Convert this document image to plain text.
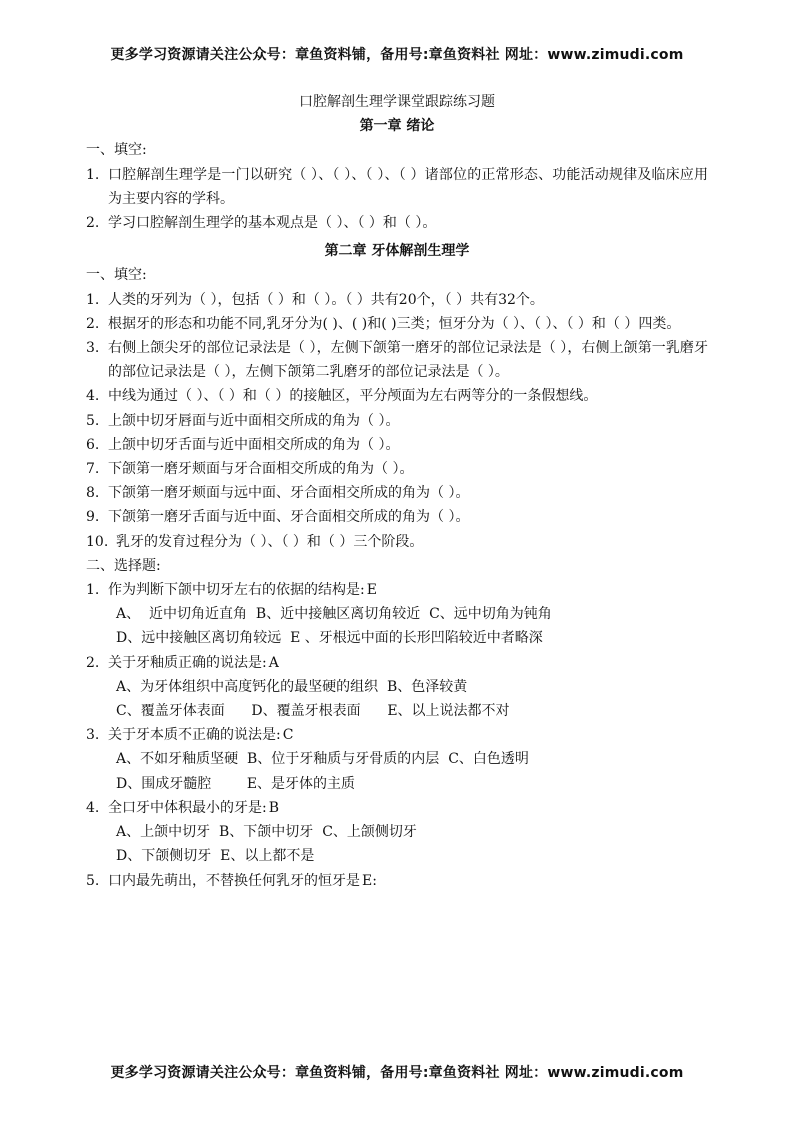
更多学习资源请关注公众号：章鱼资料铺，备用号:章鱼资料社 网址：www.zimudi.com
口腔解剖生理学课堂跟踪练习题
第一章 绪论
一、填空:
1. 口腔解剖生理学是一门以研究（ ）、（ ）、（ ）、（ ）诸部位的正常形态、功能活动规律及临床应用为主要内容的学科。
2. 学习口腔解剖生理学的基本观点是（ ）、（ ）和（ ）。
第二章 牙体解剖生理学
一、填空:
1. 人类的牙列为（ ），包括（ ）和（ ）。（ ）共有20个，（ ）共有32个。
2. 根据牙的形态和功能不同,乳牙分为( )、( )和( )三类；恒牙分为（ ）、（ ）、（ ）和（ ）四类。
3. 右侧上颌尖牙的部位记录法是（ ），左侧下颌第一磨牙的部位记录法是（ ），右侧上颌第一乳磨牙的部位记录法是（ ），左侧下颌第二乳磨牙的部位记录法是（ ）。
4. 中线为通过（ ）、（ ）和（ ）的接触区，平分颅面为左右两等分的一条假想线。
5. 上颌中切牙唇面与近中面相交所成的角为（ ）。
6. 上颌中切牙舌面与近中面相交所成的角为（ ）。
7. 下颌第一磨牙颊面与牙合面相交所成的角为（ ）。
8. 下颌第一磨牙颊面与远中面、牙合面相交所成的角为（ ）。
9. 下颌第一磨牙舌面与近中面、牙合面相交所成的角为（ ）。
10. 乳牙的发育过程分为（ ）、（ ）和（ ）三个阶段。
二、选择题:
1. 作为判断下颌中切牙左右的依据的结构是: E
A、  近中切角近直角  B、近中接触区离切角较近  C、远中切角为钝角
D、远中接触区离切角较远  E 、牙根远中面的长形凹陷较近中者略深
2. 关于牙釉质正确的说法是: A
A、为牙体组织中高度钙化的最坚硬的组织  B、色泽较黄
C、覆盖牙体表面      D、覆盖牙根表面      E、以上说法都不对
3. 关于牙本质不正确的说法是: C
A、不如牙釉质坚硬  B、位于牙釉质与牙骨质的内层  C、白色透明
D、围成牙髓腔        E、是牙体的主质
4. 全口牙中体积最小的牙是: B
A、上颌中切牙  B、下颌中切牙  C、上颌侧切牙
D、下颌侧切牙  E、以上都不是
5. 口内最先萌出，不替换任何乳牙的恒牙是 E:
更多学习资源请关注公众号：章鱼资料铺，备用号:章鱼资料社 网址：www.zimudi.com
